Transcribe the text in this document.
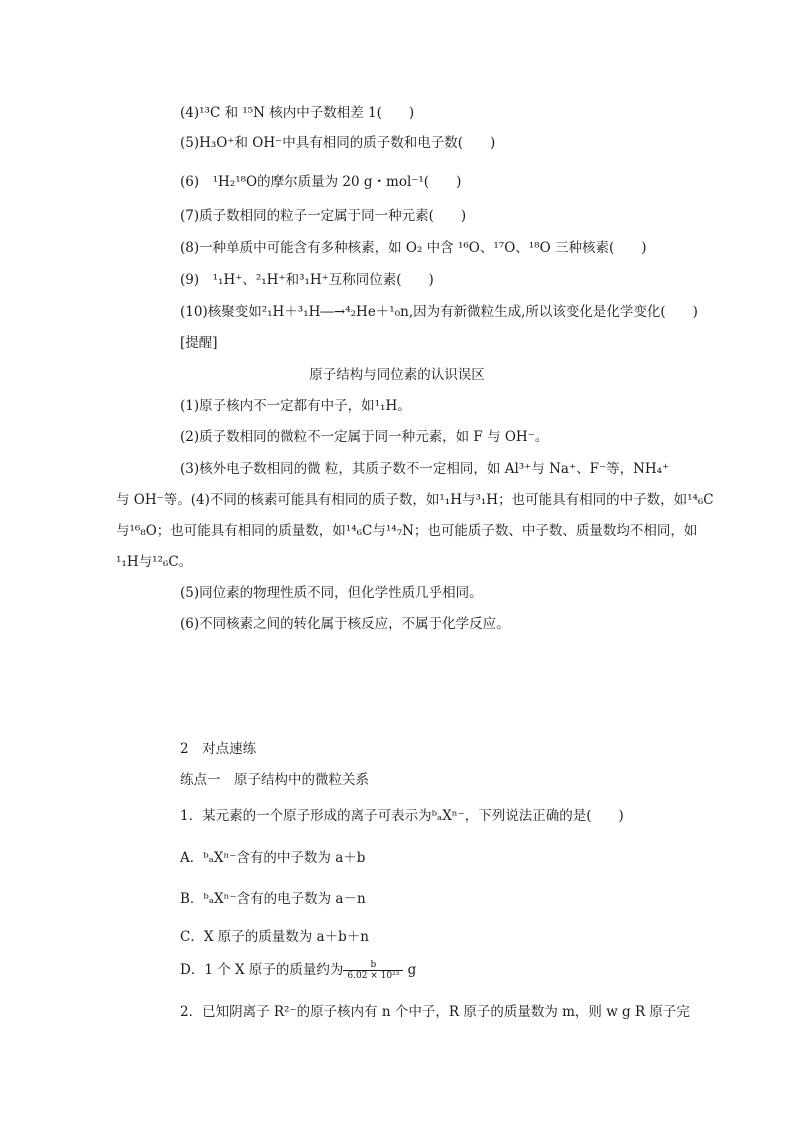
(4)¹³C 和 ¹⁵N 核内中子数相差 1(　　)
(5)H₃O⁺和 OH⁻中具有相同的质子数和电子数(　　)
(6)　¹H₂¹⁸O的摩尔质量为 20 g・mol⁻¹(　　)
(7)质子数相同的粒子一定属于同一种元素(　　)
(8)一种单质中可能含有多种核素，如 O₂ 中含 ¹⁶O、¹⁷O、¹⁸O 三种核素(　　)
(9)　¹₁H⁺、²₁H⁺和³₁H⁺互称同位素(　　)
(10)核聚变如²₁H＋³₁H―→⁴₂He＋¹₀n,因为有新微粒生成,所以该变化是化学变化(　　)
[提醒]
原子结构与同位素的认识误区
(1)原子核内不一定都有中子，如¹₁H。
(2)质子数相同的微粒不一定属于同一种元素，如 F 与 OH⁻。
(3)核外电子数相同的微 粒，其质子数不一定相同，如 Al³⁺与 Na⁺、F⁻等，NH₄⁺
与 OH⁻等。(4)不同的核素可能具有相同的质子数，如¹₁H与³₁H；也可能具有相同的中子数，如¹⁴₆C
与¹⁶₈O；也可能具有相同的质量数，如¹⁴₆C与¹⁴₇N；也可能质子数、中子数、质量数均不相同，如
¹₁H与¹²₆C。
(5)同位素的物理性质不同，但化学性质几乎相同。
(6)不同核素之间的转化属于核反应，不属于化学反应。
2　对点速练
练点一　原子结构中的微粒关系
1．某元素的一个原子形成的离子可表示为ᵇₐXⁿ⁻，下列说法正确的是(　　)
A．ᵇₐXⁿ⁻含有的中子数为 a＋b
B．ᵇₐXⁿ⁻含有的电子数为 a－n
C．X 原子的质量数为 a＋b＋n
D．1 个 X 原子的质量约为 $\frac{b}{\text{6.02 × 10²³}}$ g
2．已知阴离子 R²⁻的原子核内有 n 个中子，R 原子的质量数为 m，则 w g R 原子完
